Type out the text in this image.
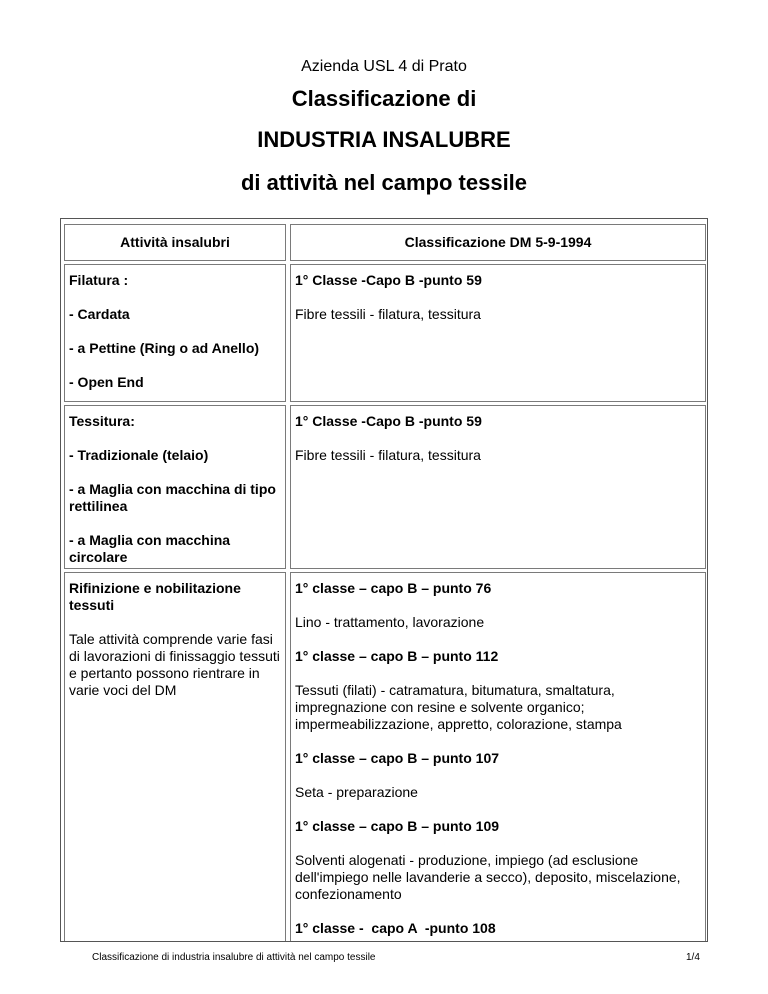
Azienda USL 4 di Prato
Classificazione di
INDUSTRIA INSALUBRE
di attività nel campo tessile
Attività insalubri	Classificazione DM 5-9-1994
Filatura :
- Cardata
- a Pettine (Ring o ad Anello)
- Open End
1° Classe -Capo B -punto 59
Fibre tessili - filatura, tessitura
Tessitura:
- Tradizionale (telaio)
- a Maglia con macchina di tipo rettilinea
- a Maglia con macchina circolare
1° Classe -Capo B -punto 59
Fibre tessili - filatura, tessitura
Rifinizione e nobilitazione tessuti
Tale attività comprende varie fasi di lavorazioni di finissaggio tessuti e pertanto possono rientrare in varie voci del DM
1° classe – capo B – punto 76
Lino - trattamento, lavorazione
1° classe – capo B – punto 112
Tessuti (filati) - catramatura, bitumatura, smaltatura, impregnazione con resine e solvente organico; impermeabilizzazione, appretto, colorazione, stampa
1° classe – capo B – punto 107
Seta - preparazione
1° classe – capo B – punto 109
Solventi alogenati - produzione, impiego (ad esclusione dell'impiego nelle lavanderie a secco), deposito, miscelazione, confezionamento
1° classe -  capo A  -punto 108
Classificazione di industria insalubre di attività nel campo tessile	1/4
